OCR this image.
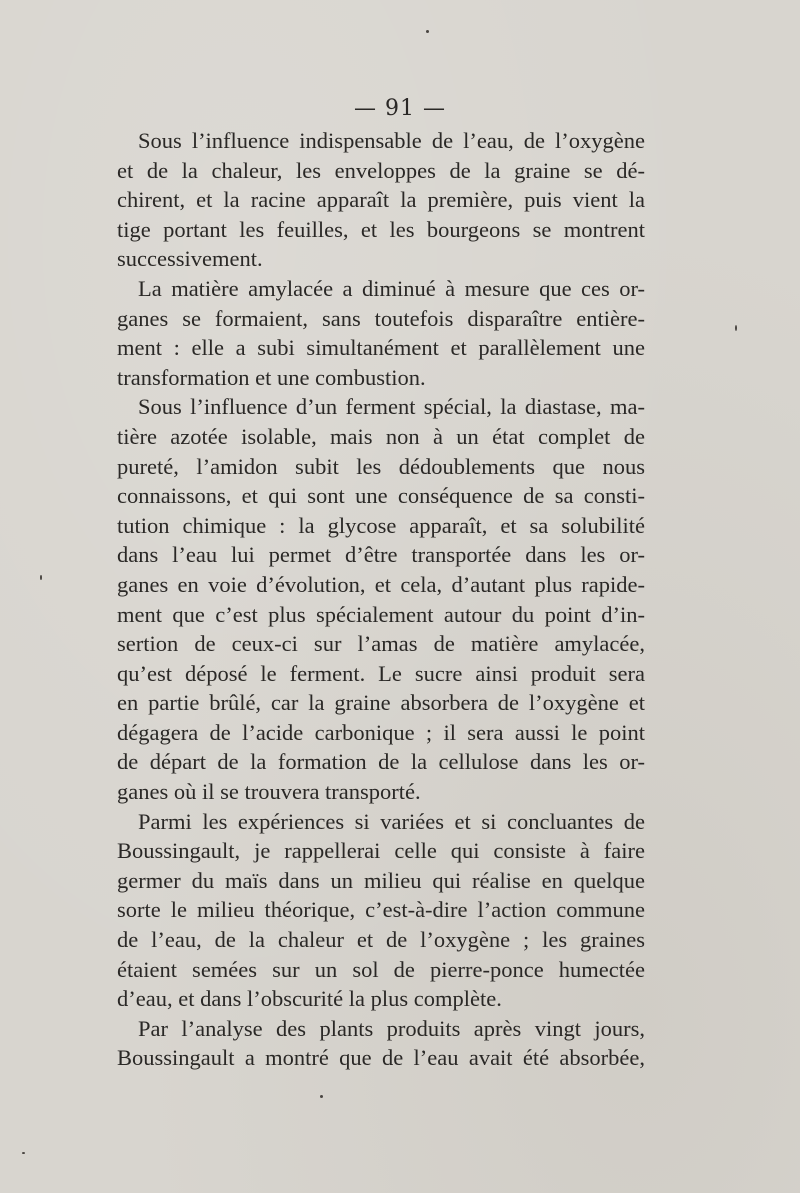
— 91 —
Sous l’influence indispensable de l’eau, de l’oxygène
et de la chaleur, les enveloppes de la graine se dé-
chirent, et la racine apparaît la première, puis vient la
tige portant les feuilles, et les bourgeons se montrent
successivement.
La matière amylacée a diminué à mesure que ces or-
ganes se formaient, sans toutefois disparaître entière-
ment : elle a subi simultanément et parallèlement une
transformation et une combustion.
Sous l’influence d’un ferment spécial, la diastase, ma-
tière azotée isolable, mais non à un état complet de
pureté, l’amidon subit les dédoublements que nous
connaissons, et qui sont une conséquence de sa consti-
tution chimique : la glycose apparaît, et sa solubilité
dans l’eau lui permet d’être transportée dans les or-
ganes en voie d’évolution, et cela, d’autant plus rapide-
ment que c’est plus spécialement autour du point d’in-
sertion de ceux-ci sur l’amas de matière amylacée,
qu’est déposé le ferment. Le sucre ainsi produit sera
en partie brûlé, car la graine absorbera de l’oxygène et
dégagera de l’acide carbonique ; il sera aussi le point
de départ de la formation de la cellulose dans les or-
ganes où il se trouvera transporté.
Parmi les expériences si variées et si concluantes de
Boussingault, je rappellerai celle qui consiste à faire
germer du maïs dans un milieu qui réalise en quelque
sorte le milieu théorique, c’est-à-dire l’action commune
de l’eau, de la chaleur et de l’oxygène ; les graines
étaient semées sur un sol de pierre-ponce humectée
d’eau, et dans l’obscurité la plus complète.
Par l’analyse des plants produits après vingt jours,
Boussingault a montré que de l’eau avait été absorbée,
